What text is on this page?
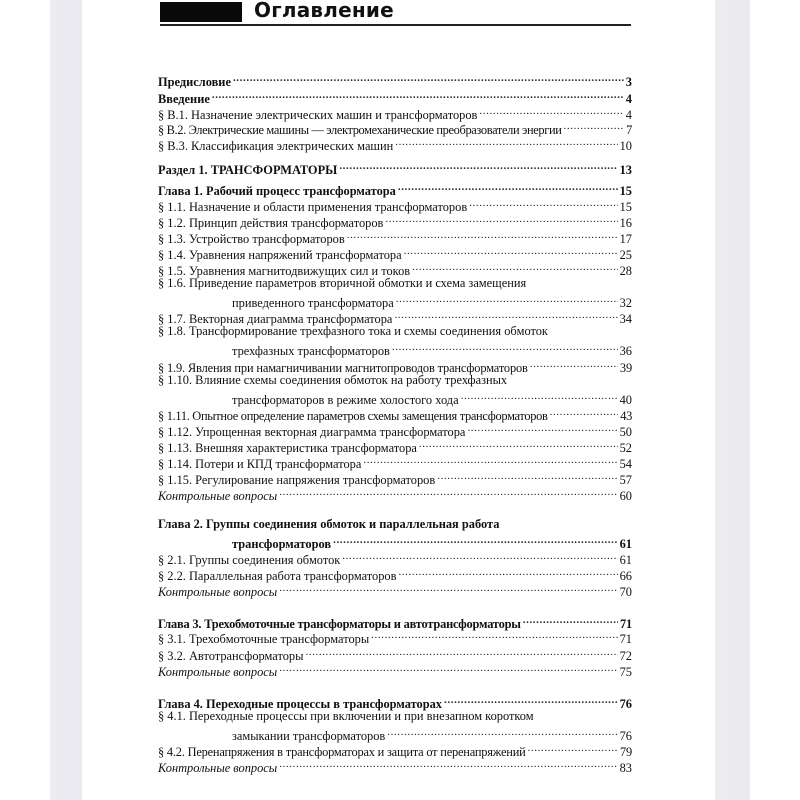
Оглавление
Предисловие .....	3
Введение .....	4
§ В.1. Назначение электрических машин и трансформаторов .....	4
§ В.2. Электрические машины — электромеханические преобразователи энергии .....	7
§ В.3. Классификация электрических машин .....	10
Раздел 1. ТРАНСФОРМАТОРЫ .....	13
Глава 1. Рабочий процесс трансформатора .....	15
§ 1.1. Назначение и области применения трансформаторов .....	15
§ 1.2. Принцип действия трансформаторов .....	16
§ 1.3. Устройство трансформаторов .....	17
§ 1.4. Уравнения напряжений трансформатора .....	25
§ 1.5. Уравнения магнитодвижущих сил и токов .....	28
§ 1.6. Приведение параметров вторичной обмотки и схема замещения
приведенного трансформатора .....	32
§ 1.7. Векторная диаграмма трансформатора .....	34
§ 1.8. Трансформирование трехфазного тока и схемы соединения обмоток
трехфазных трансформаторов .....	36
§ 1.9. Явления при намагничивании магнитопроводов трансформаторов .....	39
§ 1.10. Влияние схемы соединения обмоток на работу трехфазных
трансформаторов в режиме холостого хода .....	40
§ 1.11. Опытное определение параметров схемы замещения трансформаторов .....	43
§ 1.12. Упрощенная векторная диаграмма трансформатора .....	50
§ 1.13. Внешняя характеристика трансформатора .....	52
§ 1.14. Потери и КПД трансформатора .....	54
§ 1.15. Регулирование напряжения трансформаторов .....	57
Контрольные вопросы .....	60
Глава 2. Группы соединения обмоток и параллельная работа
трансформаторов .....	61
§ 2.1. Группы соединения обмоток .....	61
§ 2.2. Параллельная работа трансформаторов .....	66
Контрольные вопросы .....	70
Глава 3. Трехобмоточные трансформаторы и автотрансформаторы .....	71
§ 3.1. Трехобмоточные трансформаторы .....	71
§ 3.2. Автотрансформаторы .....	72
Контрольные вопросы .....	75
Глава 4. Переходные процессы в трансформаторах .....	76
§ 4.1. Переходные процессы при включении и при внезапном коротком
замыкании трансформаторов .....	76
§ 4.2. Перенапряжения в трансформаторах и защита от перенапряжений .....	79
Контрольные вопросы .....	83
